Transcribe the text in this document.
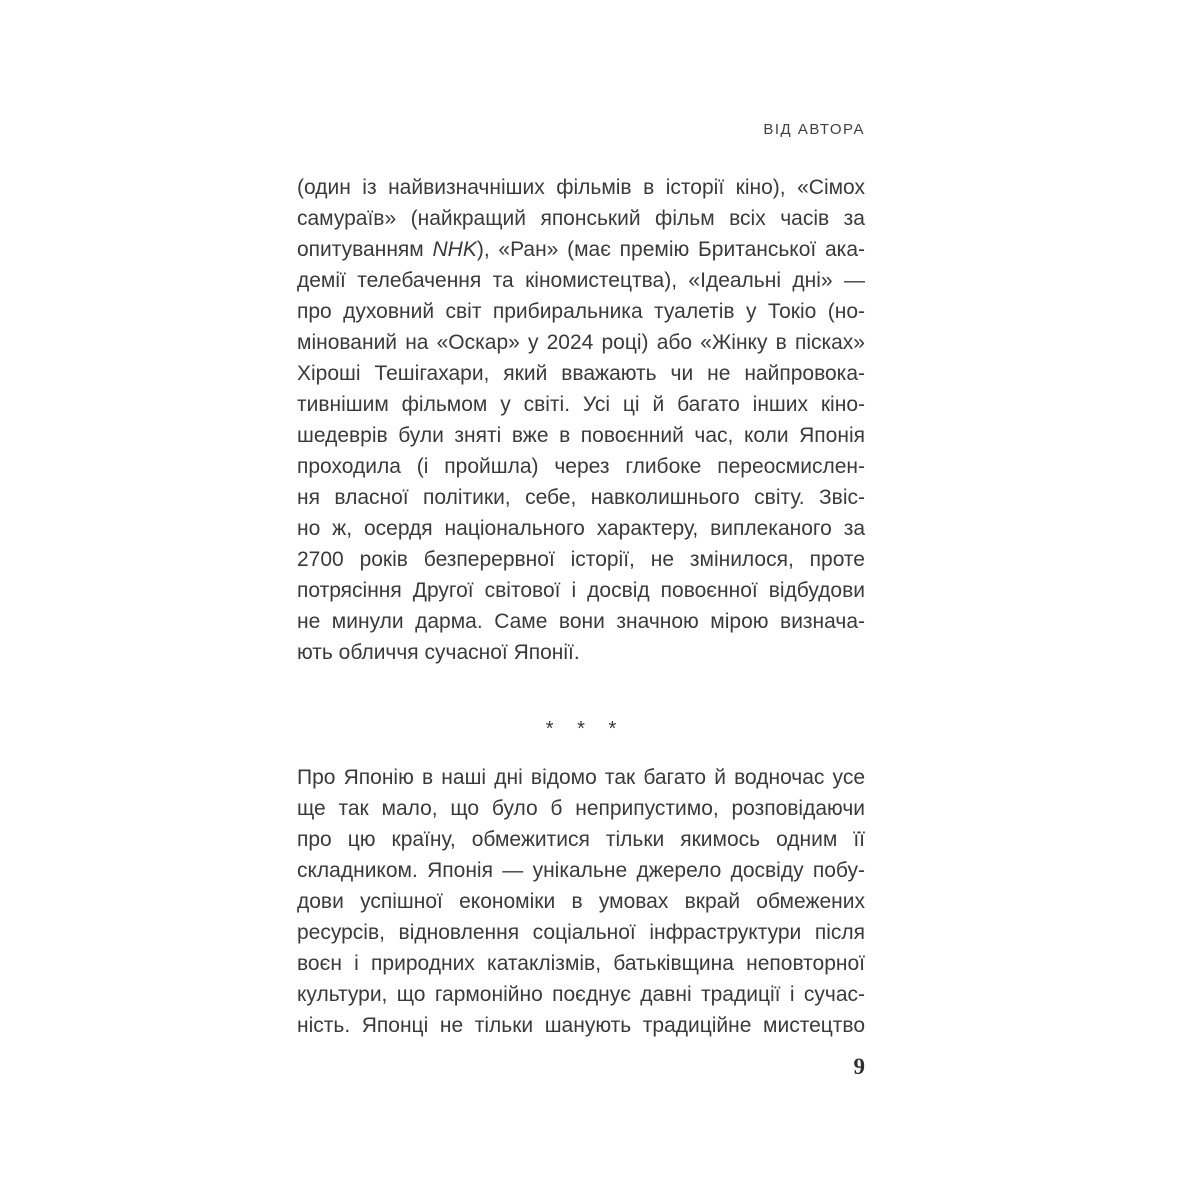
ВІД АВТОРА
(один із найвизначніших фільмів в історії кіно), «Сімох
самураїв» (найкращий японський фільм всіх часів за
опитуванням NHK), «Ран» (має премію Британської ака-
демії телебачення та кіномистецтва), «Ідеальні дні» —
про духовний світ прибиральника туалетів у Токіо (но-
мінований на «Оскар» у 2024 році) або «Жінку в пісках»
Хіроші Тешігахари, який вважають чи не найпровока-
тивнішим фільмом у світі. Усі ці й багато інших кіно-
шедеврів були зняті вже в повоєнний час, коли Японія
проходила (і пройшла) через глибоке переосмислен-
ня власної політики, себе, навколишнього світу. Звіс-
но ж, осердя національного характеру, виплеканого за
2700 років безперервної історії, не змінилося, проте
потрясіння Другої світової і досвід повоєнної відбудови
не минули дарма. Саме вони значною мірою визнача-
ють обличчя сучасної Японії.
* * *
Про Японію в наші дні відомо так багато й водночас усе
ще так мало, що було б неприпустимо, розповідаючи
про цю країну, обмежитися тільки якимось одним її
складником. Японія — унікальне джерело досвіду побу-
дови успішної економіки в умовах вкрай обмежених
ресурсів, відновлення соціальної інфраструктури після
воєн і природних катаклізмів, батьківщина неповторної
культури, що гармонійно поєднує давні традиції і сучас-
ність. Японці не тільки шанують традиційне мистецтво
9
